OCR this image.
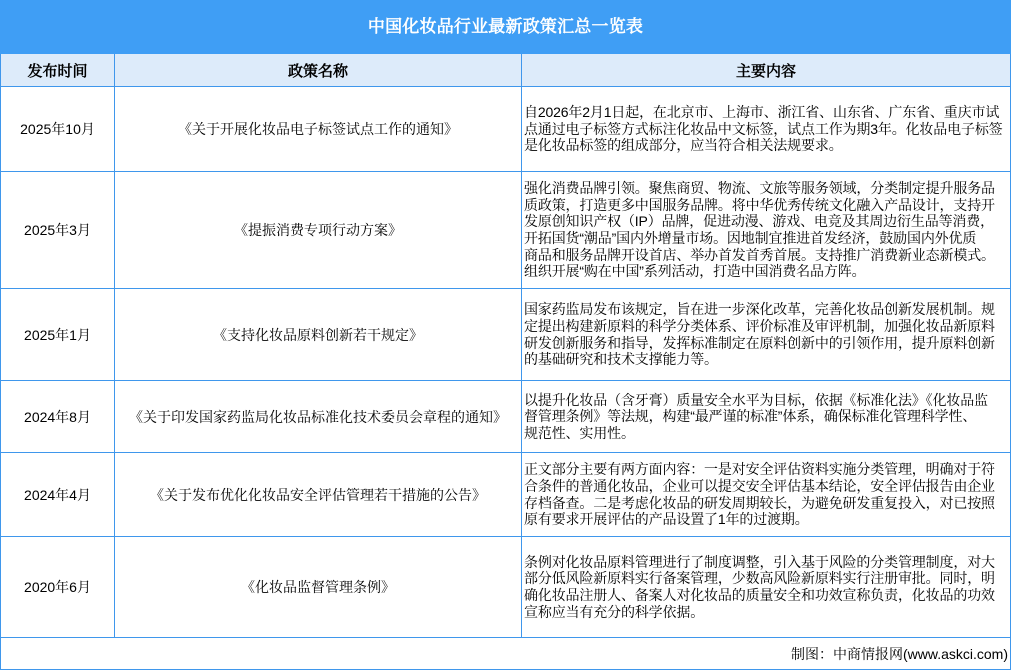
中国化妆品行业最新政策汇总一览表
发布时间	政策名称	主要内容
2025年10月	《关于开展化妆品电子标签试点工作的通知》
自2026年2月1日起，在北京市、上海市、浙江省、山东省、广东省、重庆市试
点通过电子标签方式标注化妆品中文标签，试点工作为期3年。化妆品电子标签
是化妆品标签的组成部分，应当符合相关法规要求。
2025年3月	《提振消费专项行动方案》
强化消费品牌引领。聚焦商贸、物流、文旅等服务领域，分类制定提升服务品
质政策，打造更多中国服务品牌。将中华优秀传统文化融入产品设计，支持开
发原创知识产权（IP）品牌，促进动漫、游戏、电竞及其周边衍生品等消费，
开拓国货“潮品”国内外增量市场。因地制宜推进首发经济，鼓励国内外优质
商品和服务品牌开设首店、举办首发首秀首展。支持推广消费新业态新模式。
组织开展“购在中国”系列活动，打造中国消费名品方阵。
2025年1月	《支持化妆品原料创新若干规定》
国家药监局发布该规定，旨在进一步深化改革，完善化妆品创新发展机制。规
定提出构建新原料的科学分类体系、评价标准及审评机制，加强化妆品新原料
研发创新服务和指导，发挥标准制定在原料创新中的引领作用，提升原料创新
的基础研究和技术支撑能力等。
2024年8月	《关于印发国家药监局化妆品标准化技术委员会章程的通知》
以提升化妆品（含牙膏）质量安全水平为目标，依据《标准化法》《化妆品监
督管理条例》等法规，构建“最严谨的标准”体系，确保标准化管理科学性、
规范性、实用性。
2024年4月	《关于发布优化化妆品安全评估管理若干措施的公告》
正文部分主要有两方面内容：一是对安全评估资料实施分类管理，明确对于符
合条件的普通化妆品，企业可以提交安全评估基本结论，安全评估报告由企业
存档备查。二是考虑化妆品的研发周期较长，为避免研发重复投入，对已按照
原有要求开展评估的产品设置了1年的过渡期。
2020年6月	《化妆品监督管理条例》
条例对化妆品原料管理进行了制度调整，引入基于风险的分类管理制度，对大
部分低风险新原料实行备案管理，少数高风险新原料实行注册审批。同时，明
确化妆品注册人、备案人对化妆品的质量安全和功效宣称负责，化妆品的功效
宣称应当有充分的科学依据。
制图：中商情报网(www.askci.com)
